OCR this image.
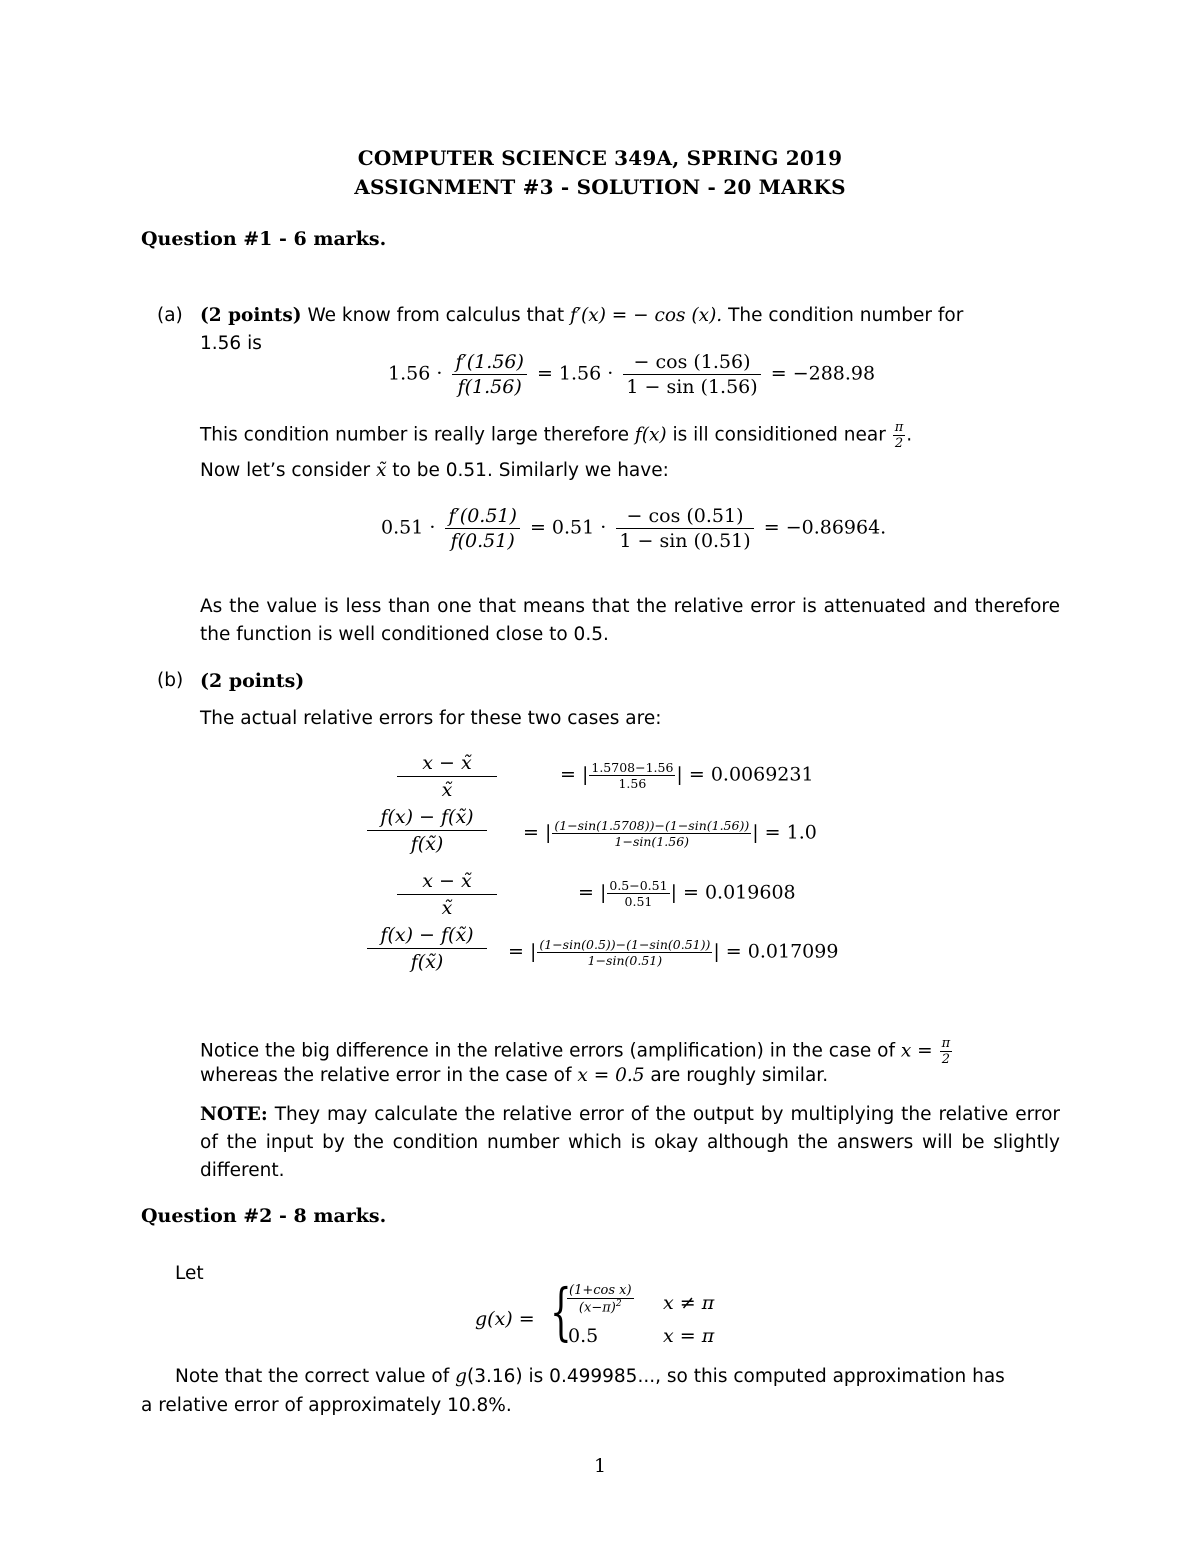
COMPUTER SCIENCE 349A, SPRING 2019
ASSIGNMENT #3 - SOLUTION - 20 MARKS
Question #1 - 6 marks.
(a) (2 points) We know from calculus that f′(x) = − cos (x). The condition number for
1.56 is
$1.56 \cdot \frac{f'(1.56)}{f(1.56)} = 1.56 \cdot \frac{- \cos (1.56)}{1 - \sin (1.56)} = -288.98$
This condition number is really large therefore f(x) is ill considitioned near $\frac{\pi}{2}$ .
Now let’s consider x̃ to be 0.51. Similarly we have:
$0.51 \cdot \frac{f'(0.51)}{f(0.51)} = 0.51 \cdot \frac{- \cos (0.51)}{1 - \sin (0.51)} = -0.86964$.
As the value is less than one that means that the relative error is attenuated and therefore the function is well conditioned close to 0.5.
(b) (2 points)
The actual relative errors for these two cases are:
x − x̃
x̃
= | $\frac{1.5708-1.56}{1.56}$ | = 0.0069231
f(x) − f(x̃)
f(x̃)
= | $\frac{(1-\sin(1.5708))-(1-\sin(1.56))}{1-\sin(1.56)}$ | = 1.0
x − x̃
x̃
= | $\frac{0.5-0.51}{0.51}$ | = 0.019608
f(x) − f(x̃)
f(x̃)	= | $\frac{(1-\sin(0.5))-(1-\sin(0.51))}{1-\sin(0.51)}$ | = 0.017099
Notice the big difference in the relative errors (amplification) in the case of $x = \frac{\pi}{2}$
whereas the relative error in the case of x = 0.5 are roughly similar.
NOTE: They may calculate the relative error of the output by multiplying the relative error of the input by the condition number which is okay although the answers will be slightly different.
Question #2 - 8 marks.
Let
g(x) = {
$\frac{\text{(1+cos x)}}{(x-\pi)^2}$ x ≠ π
0.5	x = π
Note that the correct value of g(3.16) is 0.499985..., so this computed approximation has
a relative error of approximately 10.8%.
1
